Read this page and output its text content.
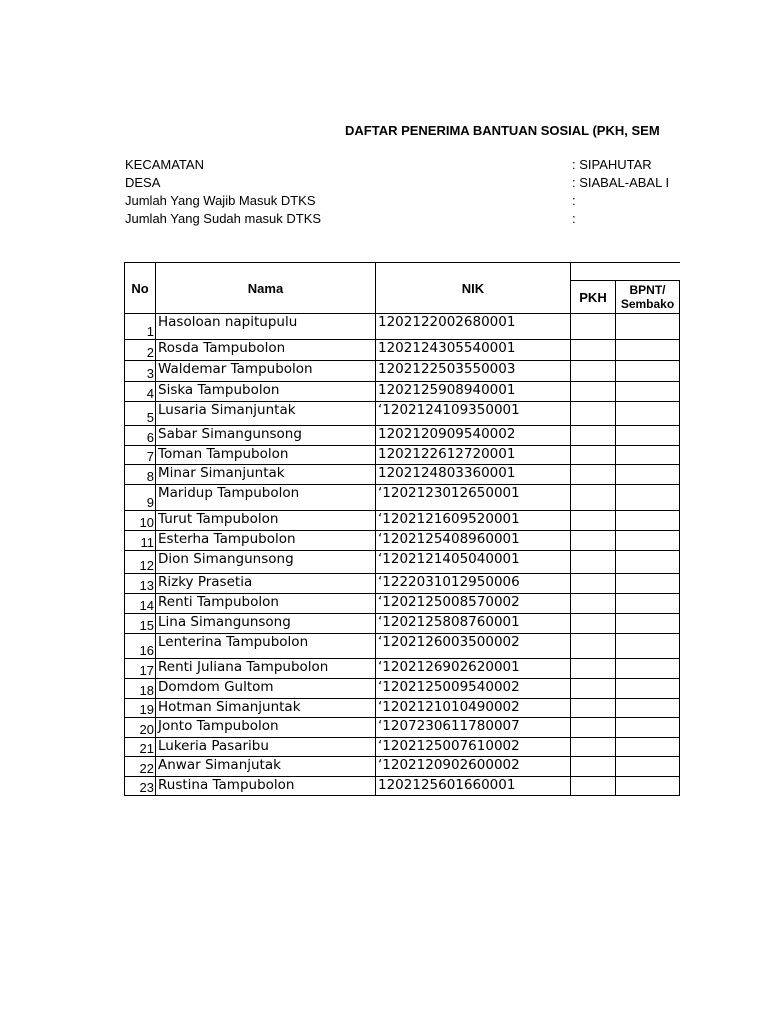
DAFTAR PENERIMA BANTUAN SOSIAL (PKH, SEM
KECAMATAN	: SIPAHUTAR
DESA	: SIABAL-ABAL I
Jumlah Yang Wajib Masuk DTKS	:
Jumlah Yang Sudah masuk DTKS	:
No	Nama	NIK			
			PKH	BPNT/
Sembako	

1	Hasoloan napitupulu	1202122002680001			
2	Rosda Tampubolon	1202124305540001			
3	Waldemar Tampubolon	1202122503550003			
4	Siska Tampubolon	1202125908940001			
5	Lusaria Simanjuntak	‘1202124109350001			
6	Sabar Simangunsong	1202120909540002			
7	Toman Tampubolon	1202122612720001			
8	Minar Simanjuntak	1202124803360001			
9	Maridup Tampubolon	‘1202123012650001			
10	Turut Tampubolon	‘1202121609520001			
11	Esterha Tampubolon	‘1202125408960001			
12	Dion Simangunsong	‘1202121405040001			
13	Rizky Prasetia	‘1222031012950006			
14	Renti Tampubolon	‘1202125008570002			
15	Lina Simangunsong	‘1202125808760001			
16	Lenterina Tampubolon	‘1202126003500002			
17	Renti Juliana Tampubolon	‘1202126902620001			
18	Domdom Gultom	‘1202125009540002			
19	Hotman Simanjuntak	‘1202121010490002			
20	Jonto Tampubolon	‘1207230611780007			
21	Lukeria Pasaribu	‘1202125007610002			
22	Anwar Simanjutak	‘1202120902600002			
23	Rustina Tampubolon	1202125601660001			
